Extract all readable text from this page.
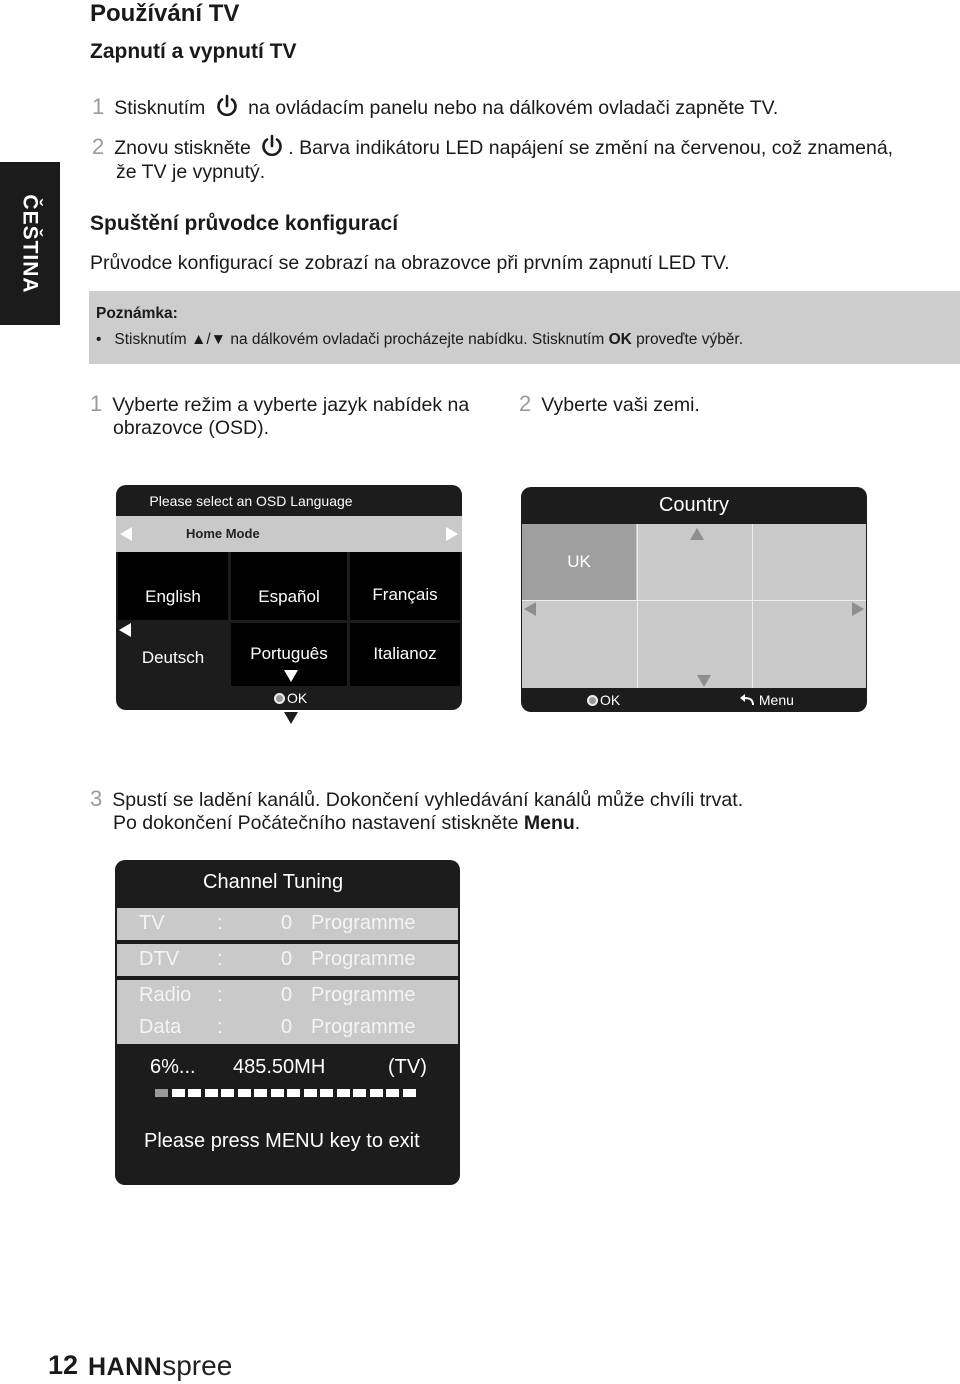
Používání TV
Zapnutí a vypnutí TV
ČEŠTINA
1 Stisknutím na ovládacím panelu nebo na dálkovém ovladači zapněte TV.
2 Znovu stiskněte . Barva indikátoru LED napájení se změní na červenou, což znamená,
že TV je vypnutý.
Spuštění průvodce konfigurací
Průvodce konfigurací se zobrazí na obrazovce při prvním zapnutí LED TV.
Poznámka:
• Stisknutím ▲/▼ na dálkovém ovladači procházejte nabídku. Stisknutím OK proveďte výběr.
1 Vyberte režim a vyberte jazyk nabídek na
obrazovce (OSD).
2 Vyberte vaši zemi.
Please select an OSD Language
Home Mode
English	Español	Français
Deutsch	Português	Italianoz
OK
Country
UK
OK	Menu
3 Spustí se ladění kanálů. Dokončení vyhledávání kanálů může chvíli trvat.
Po dokončení Počátečního nastavení stiskněte Menu.
Channel Tuning
TV	:	0 Programme
DTV :	0 Programme
Radio :	0 Programme
Data :	0 Programme
6%... 485.50MH	(TV)
Please press MENU key to exit
12 HANNspree
